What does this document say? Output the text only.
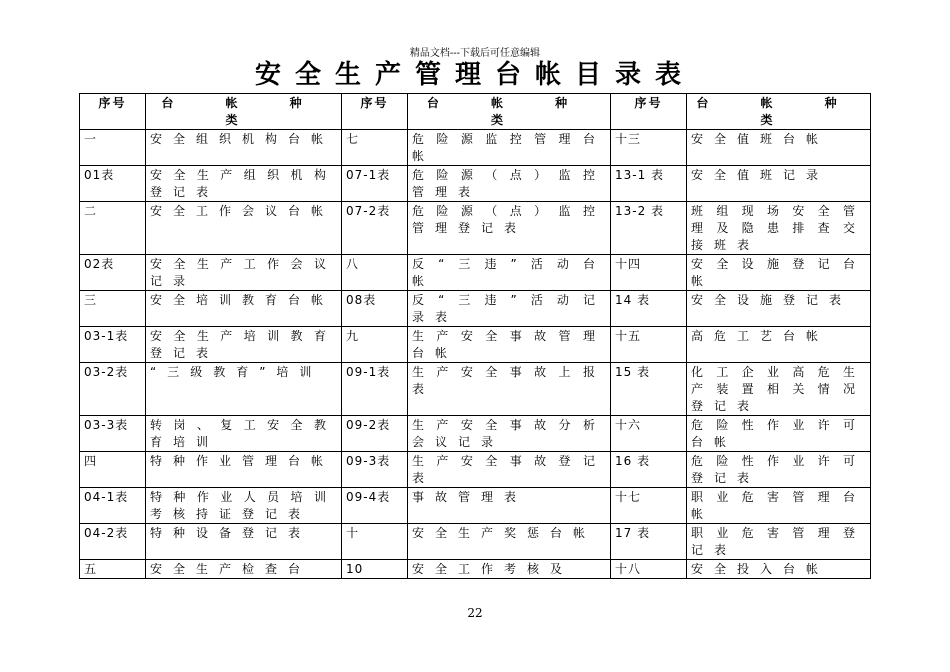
精品文档---下载后可任意编辑
安全生产管理台帐目录表
序号	台 帐 种 类	序号	台 帐 种 类	序号	台 帐 种 类
一	安全组织机构台帐	七	危险源监控管理台帐	十三	安全值班台帐
01表	安全生产组织机构登记表	07-1表	危险源（点）监控管理表	13-1 表	安全值班记录
二	安全工作会议台帐	07-2表	危险源（点）监控管理登记表	13-2 表	班组现场安全管理及隐患排查交接班表
02表	安全生产工作会议记录	八	反“三违”活动台帐	十四	安全设施登记台帐
三	安全培训教育台帐	08表	反“三违”活动记录表	14 表	安全设施登记表
03-1表	安全生产培训教育登记表	九	生产安全事故管理台帐	十五	高危工艺台帐
03-2表	“三级教育”培训	09-1表	生产安全事故上报表	15 表	化工企业高危生产装置相关情况登记表
03-3表	转岗、复工安全教育培训	09-2表	生产安全事故分析会议记录	十六	危险性作业许可台帐
四	特种作业管理台帐	09-3表	生产安全事故登记表	16 表	危险性作业许可登记表
04-1表	特种作业人员培训考核持证登记表	09-4表	事故管理表	十七	职业危害管理台帐
04-2表	特种设备登记表	十	安全生产奖惩台帐	17 表	职业危害管理登记表
五	安全生产检查台	10	安全工作考核及	十八	安全投入台帐
22
